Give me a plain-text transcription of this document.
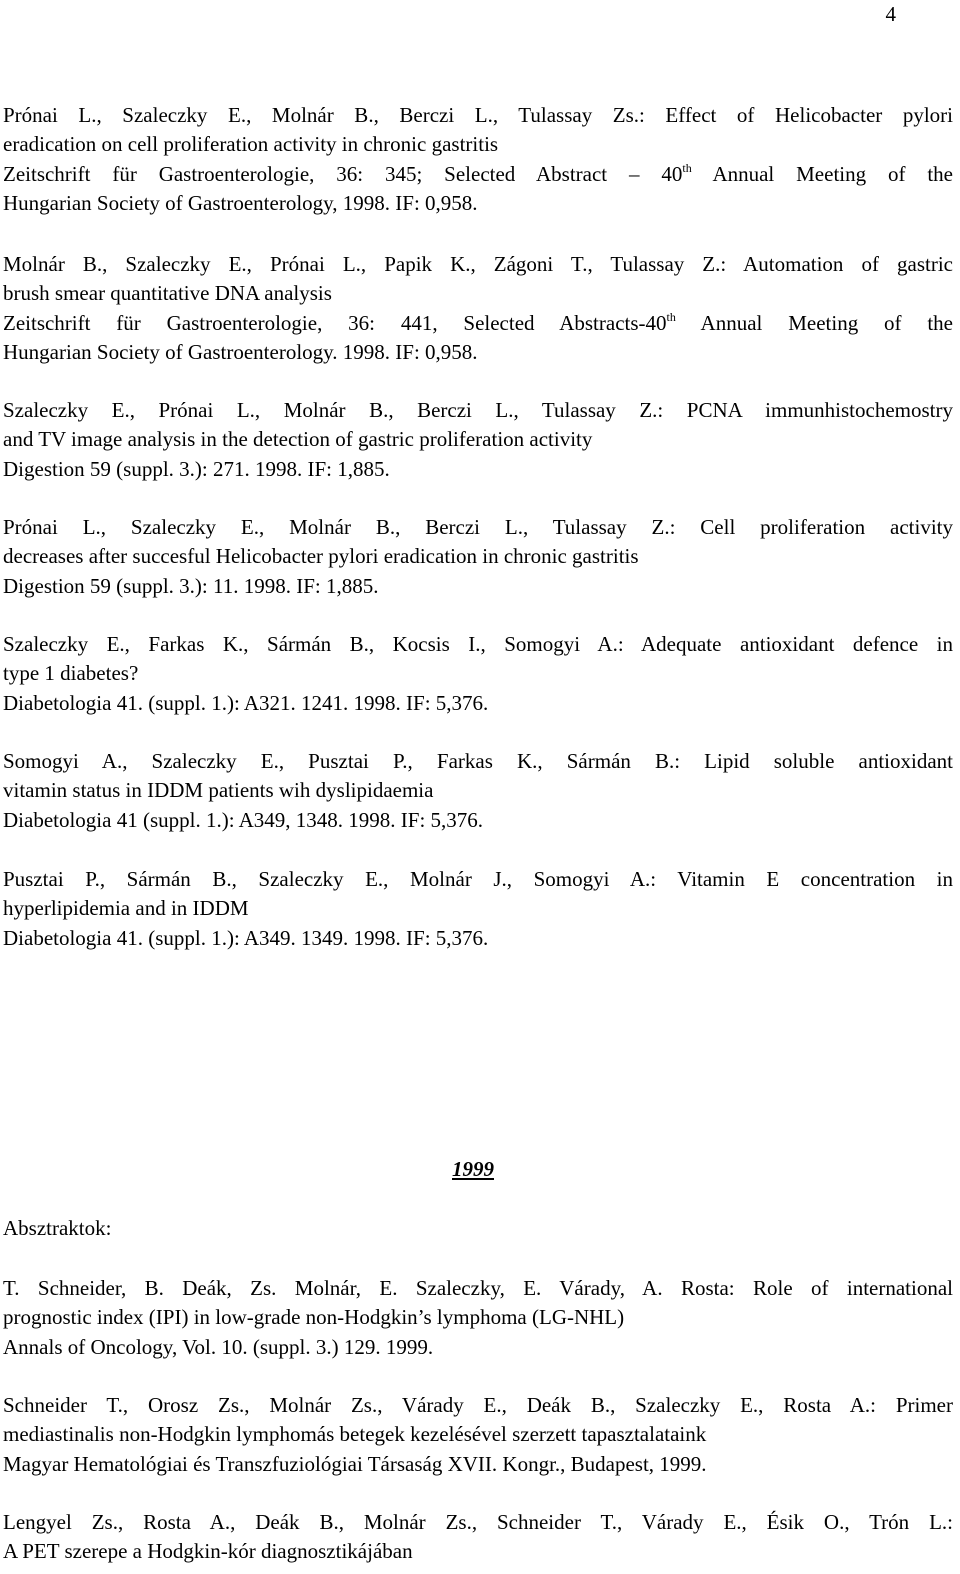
4
Prónai L., Szaleczky E., Molnár B., Berczi L., Tulassay Zs.: Effect of Helicobacter pylori
eradication on cell proliferation activity in chronic gastritis
Zeitschrift für Gastroenterologie, 36: 345; Selected Abstract – 40th Annual Meeting of the
Hungarian Society of Gastroenterology, 1998. IF: 0,958.
Molnár B., Szaleczky E., Prónai L., Papik K., Zágoni T., Tulassay Z.: Automation of gastric
brush smear quantitative DNA analysis
Zeitschrift für Gastroenterologie, 36: 441, Selected Abstracts-40th Annual Meeting of the
Hungarian Society of Gastroenterology. 1998. IF: 0,958.
Szaleczky E., Prónai L., Molnár B., Berczi L., Tulassay Z.: PCNA immunhistochemostry
and TV image analysis in the detection of gastric proliferation activity
Digestion 59 (suppl. 3.): 271. 1998. IF: 1,885.
Prónai L., Szaleczky E., Molnár B., Berczi L., Tulassay Z.: Cell proliferation activity
decreases after succesful Helicobacter pylori eradication in chronic gastritis
Digestion 59 (suppl. 3.): 11. 1998. IF: 1,885.
Szaleczky E., Farkas K., Sármán B., Kocsis I., Somogyi A.: Adequate antioxidant defence in
type 1 diabetes?
Diabetologia 41. (suppl. 1.): A321. 1241. 1998. IF: 5,376.
Somogyi A., Szaleczky E., Pusztai P., Farkas K., Sármán B.: Lipid soluble antioxidant
vitamin status in IDDM patients wih dyslipidaemia
Diabetologia 41 (suppl. 1.): A349, 1348. 1998. IF: 5,376.
Pusztai P., Sármán B., Szaleczky E., Molnár J., Somogyi A.: Vitamin E concentration in
hyperlipidemia and in IDDM
Diabetologia 41. (suppl. 1.): A349. 1349. 1998. IF: 5,376.
1999
Absztraktok:
T. Schneider, B. Deák, Zs. Molnár, E. Szaleczky, E. Várady, A. Rosta: Role of international
prognostic index (IPI) in low-grade non-Hodgkin’s lymphoma (LG-NHL)
Annals of Oncology, Vol. 10. (suppl. 3.) 129. 1999.
Schneider T., Orosz Zs., Molnár Zs., Várady E., Deák B., Szaleczky E., Rosta A.: Primer
mediastinalis non-Hodgkin lymphomás betegek kezelésével szerzett tapasztalataink
Magyar Hematológiai és Transzfuziológiai Társaság XVII. Kongr., Budapest, 1999.
Lengyel Zs., Rosta A., Deák B., Molnár Zs., Schneider T., Várady E., Ésik O., Trón L.:
A PET szerepe a Hodgkin-kór diagnosztikájában
